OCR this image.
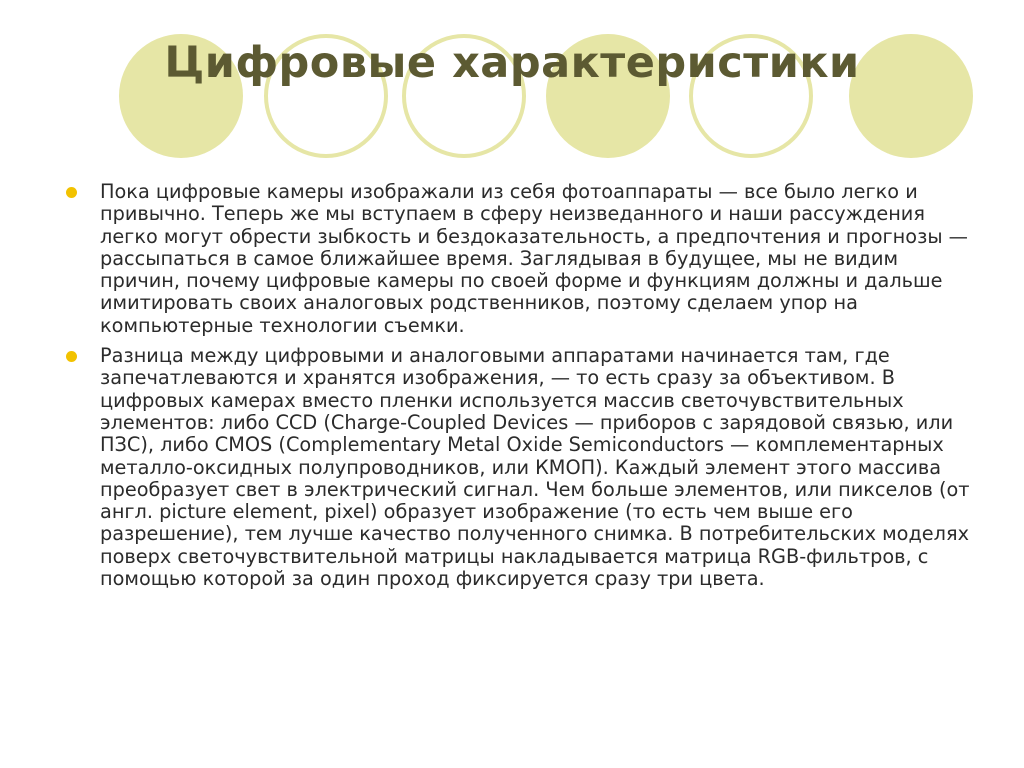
Цифровые характеристики
Пока цифровые камеры изображали из себя фотоаппараты — все было легко и привычно. Теперь же мы вступаем в сферу неизведанного и наши рассуждения легко могут обрести зыбкость и бездоказательность, а предпочтения и прогнозы — рассыпаться в самое ближайшее время. Заглядывая в будущее, мы не видим причин, почему цифровые камеры по своей форме и функциям должны и дальше имитировать своих аналоговых родственников, поэтому сделаем упор на компьютерные технологии съемки.
Разница между цифровыми и аналоговыми аппаратами начинается там, где запечатлеваются и хранятся изображения, — то есть сразу за объективом. В цифровых камерах вместо пленки используется массив светочувствительных элементов: либо CCD (Charge-Coupled Devices — приборов с зарядовой связью, или ПЗС), либо CMOS (Complementary Metal Oxide Semiconductors — комплементарных металло-оксидных полупроводников, или КМОП). Каждый элемент этого массива преобразует свет в электрический сигнал. Чем больше элементов, или пикселов (от англ. picture element, pixel) образует изображение (то есть чем выше его разрешение), тем лучше качество полученного снимка. В потребительских моделях поверх светочувствительной матрицы накладывается матрица RGB-фильтров, с помощью которой за один проход фиксируется сразу три цвета.
